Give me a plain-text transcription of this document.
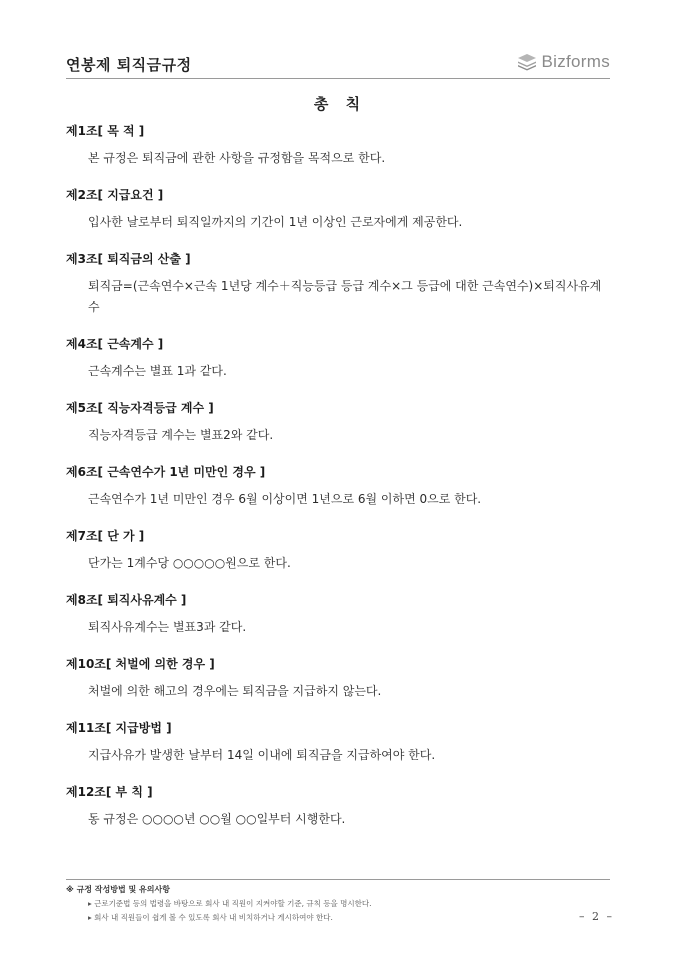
연봉제 퇴직금규정	Bizforms
총 칙
제1조[ 목 적 ]
본 규정은 퇴직금에 관한 사항을 규정함을 목적으로 한다.
제2조[ 지급요건 ]
입사한 날로부터 퇴직일까지의 기간이 1년 이상인 근로자에게 제공한다.
제3조[ 퇴직금의 산출 ]
퇴직금=(근속연수×근속 1년당 계수＋직능등급 등급 계수×그 등급에 대한 근속연수)×퇴직사유계수
제4조[ 근속계수 ]
근속계수는 별표 1과 같다.
제5조[ 직능자격등급 계수 ]
직능자격등급 계수는 별표2와 같다.
제6조[ 근속연수가 1년 미만인 경우 ]
근속연수가 1년 미만인 경우 6월 이상이면 1년으로 6월 이하면 0으로 한다.
제7조[ 단 가 ]
단가는 1계수당 ○○○○○원으로 한다.
제8조[ 퇴직사유계수 ]
퇴직사유계수는 별표3과 같다.
제10조[ 처벌에 의한 경우 ]
처벌에 의한 해고의 경우에는 퇴직금을 지급하지 않는다.
제11조[ 지급방법 ]
지급사유가 발생한 날부터 14일 이내에 퇴직금을 지급하여야 한다.
제12조[ 부 칙 ]
동 규정은 ○○○○년 ○○월 ○○일부터 시행한다.
※ 규정 작성방법 및 유의사항
▸ 근로기준법 등의 법령을 바탕으로 회사 내 직원이 지켜야할 기준, 규칙 등을 명시한다.
▸ 회사 내 직원들이 쉽게 볼 수 있도록 회사 내 비치하거나 게시하여야 한다.	– 2 –
